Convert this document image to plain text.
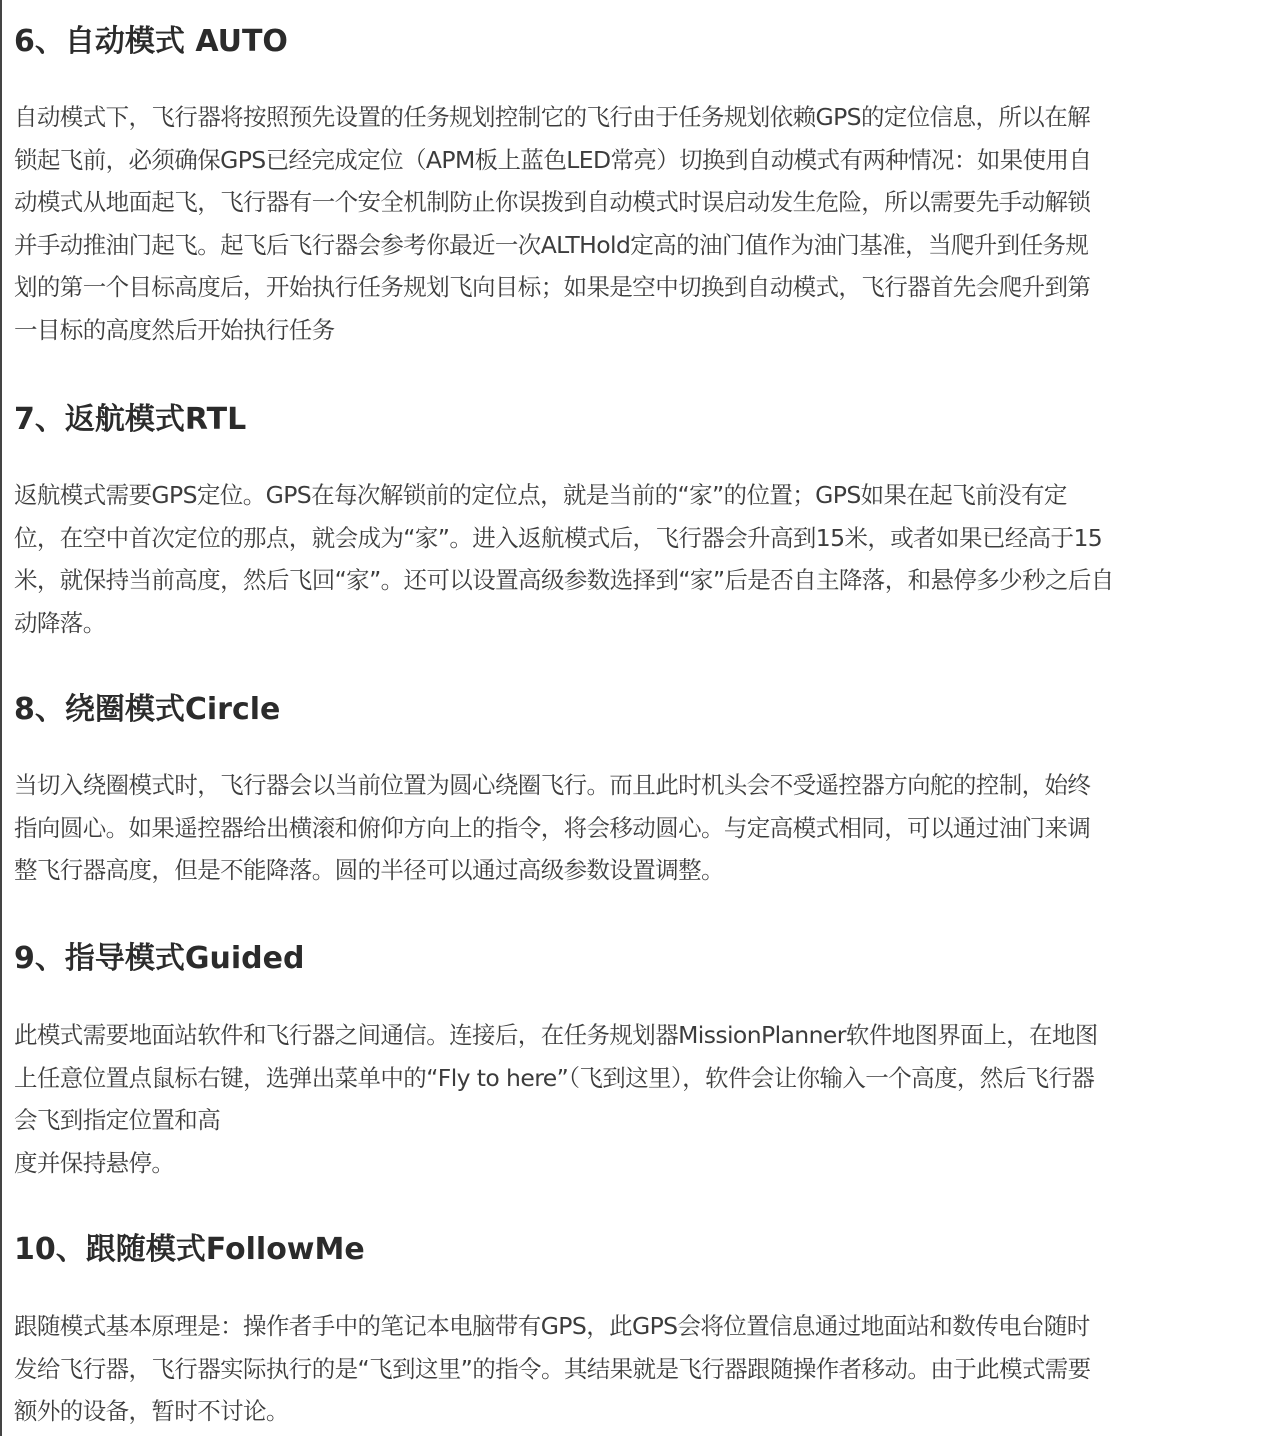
6、自动模式 AUTO

自动模式下，飞行器将按照预先设置的任务规划控制它的飞行由于任务规划依赖GPS的定位信息，所以在解
锁起飞前，必须确保GPS已经完成定位（APM板上蓝色LED常亮）切换到自动模式有两种情况：如果使用自
动模式从地面起飞，飞行器有一个安全机制防止你误拨到自动模式时误启动发生危险，所以需要先手动解锁
并手动推油门起飞。起飞后飞行器会参考你最近一次ALTHold定高的油门值作为油门基准，当爬升到任务规
划的第一个目标高度后，开始执行任务规划飞向目标；如果是空中切换到自动模式，飞行器首先会爬升到第
一目标的高度然后开始执行任务

7、返航模式RTL

返航模式需要GPS定位。GPS在每次解锁前的定位点，就是当前的“家”的位置；GPS如果在起飞前没有定
位，在空中首次定位的那点，就会成为“家”。进入返航模式后，飞行器会升高到15米，或者如果已经高于15
米，就保持当前高度，然后飞回“家”。还可以设置高级参数选择到“家”后是否自主降落，和悬停多少秒之后自
动降落。

8、绕圈模式Circle

当切入绕圈模式时，飞行器会以当前位置为圆心绕圈飞行。而且此时机头会不受遥控器方向舵的控制，始终
指向圆心。如果遥控器给出横滚和俯仰方向上的指令，将会移动圆心。与定高模式相同，可以通过油门来调
整飞行器高度，但是不能降落。圆的半径可以通过高级参数设置调整。

9、指导模式Guided

此模式需要地面站软件和飞行器之间通信。连接后，在任务规划器MissionPlanner软件地图界面上，在地图
上任意位置点鼠标右键，选弹出菜单中的“Fly to here”（飞到这里），软件会让你输入一个高度，然后飞行器
会飞到指定位置和高
度并保持悬停。

10、跟随模式FollowMe

跟随模式基本原理是：操作者手中的笔记本电脑带有GPS，此GPS会将位置信息通过地面站和数传电台随时
发给飞行器，飞行器实际执行的是“飞到这里”的指令。其结果就是飞行器跟随操作者移动。由于此模式需要
额外的设备，暂时不讨论。
